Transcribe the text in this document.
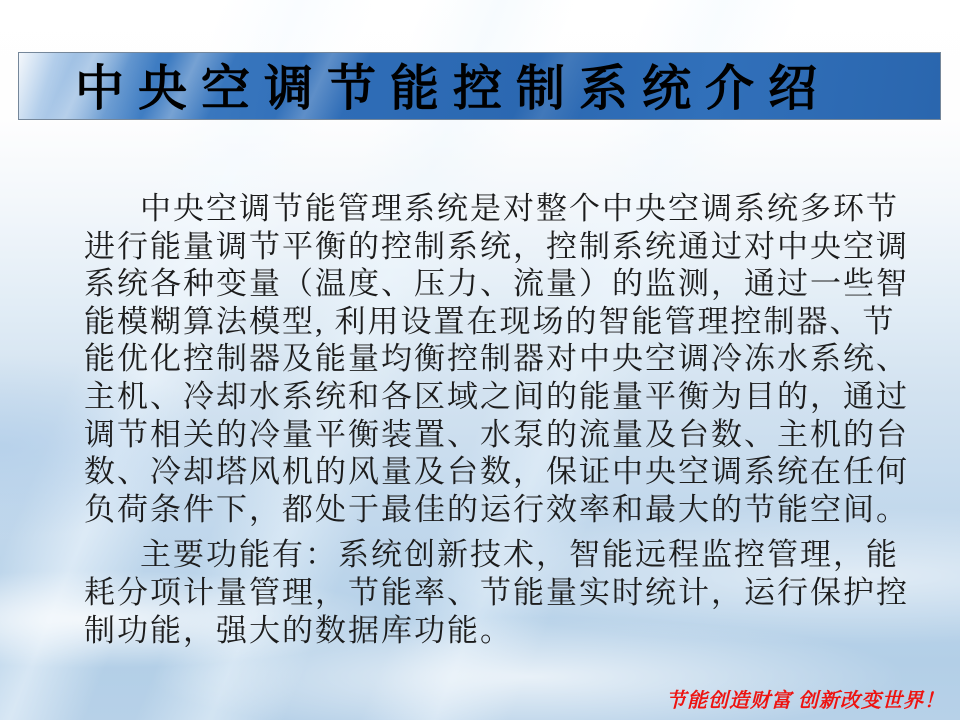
中央空调节能控制系统介绍
中央空调节能管理系统是对整个中央空调系统多环节
进行能量调节平衡的控制系统，控制系统通过对中央空调
系统各种变量（温度、压力、流量）的监测，通过一些智
能模糊算法模型, 利用设置在现场的智能管理控制器、节
能优化控制器及能量均衡控制器对中央空调冷冻水系统、
主机、冷却水系统和各区域之间的能量平衡为目的，通过
调节相关的冷量平衡装置、水泵的流量及台数、主机的台
数、冷却塔风机的风量及台数，保证中央空调系统在任何
负荷条件下，都处于最佳的运行效率和最大的节能空间。
主要功能有：系统创新技术，智能远程监控管理，能
耗分项计量管理，节能率、节能量实时统计，运行保护控
制功能，强大的数据库功能。
节能创造财富 创新改变世界！
